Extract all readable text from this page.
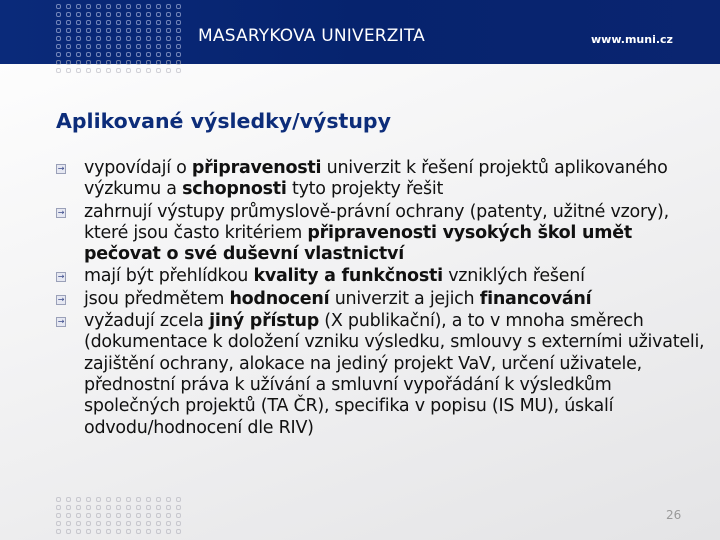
MASARYKOVA UNIVERZITA	www.muni.cz
Aplikované výsledky/výstupy
→ vypovídají o připravenosti univerzit k řešení projektů aplikovaného výzkumu a schopnosti tyto projekty řešit
→ zahrnují výstupy průmyslově-právní ochrany (patenty, užitné vzory), které jsou často kritériem připravenosti vysokých škol umět pečovat o své duševní vlastnictví
→ mají být přehlídkou kvality a funkčnosti vzniklých řešení
→ jsou předmětem hodnocení univerzit a jejich financování
→ vyžadují zcela jiný přístup (X publikační), a to v mnoha směrech (dokumentace k doložení vzniku výsledku, smlouvy s externími uživateli, zajištění ochrany, alokace na jediný projekt VaV, určení uživatele, přednostní práva k užívání a smluvní vypořádání k výsledkům společných projektů (TA ČR), specifika v popisu (IS MU), úskalí odvodu/hodnocení dle RIV)
26
